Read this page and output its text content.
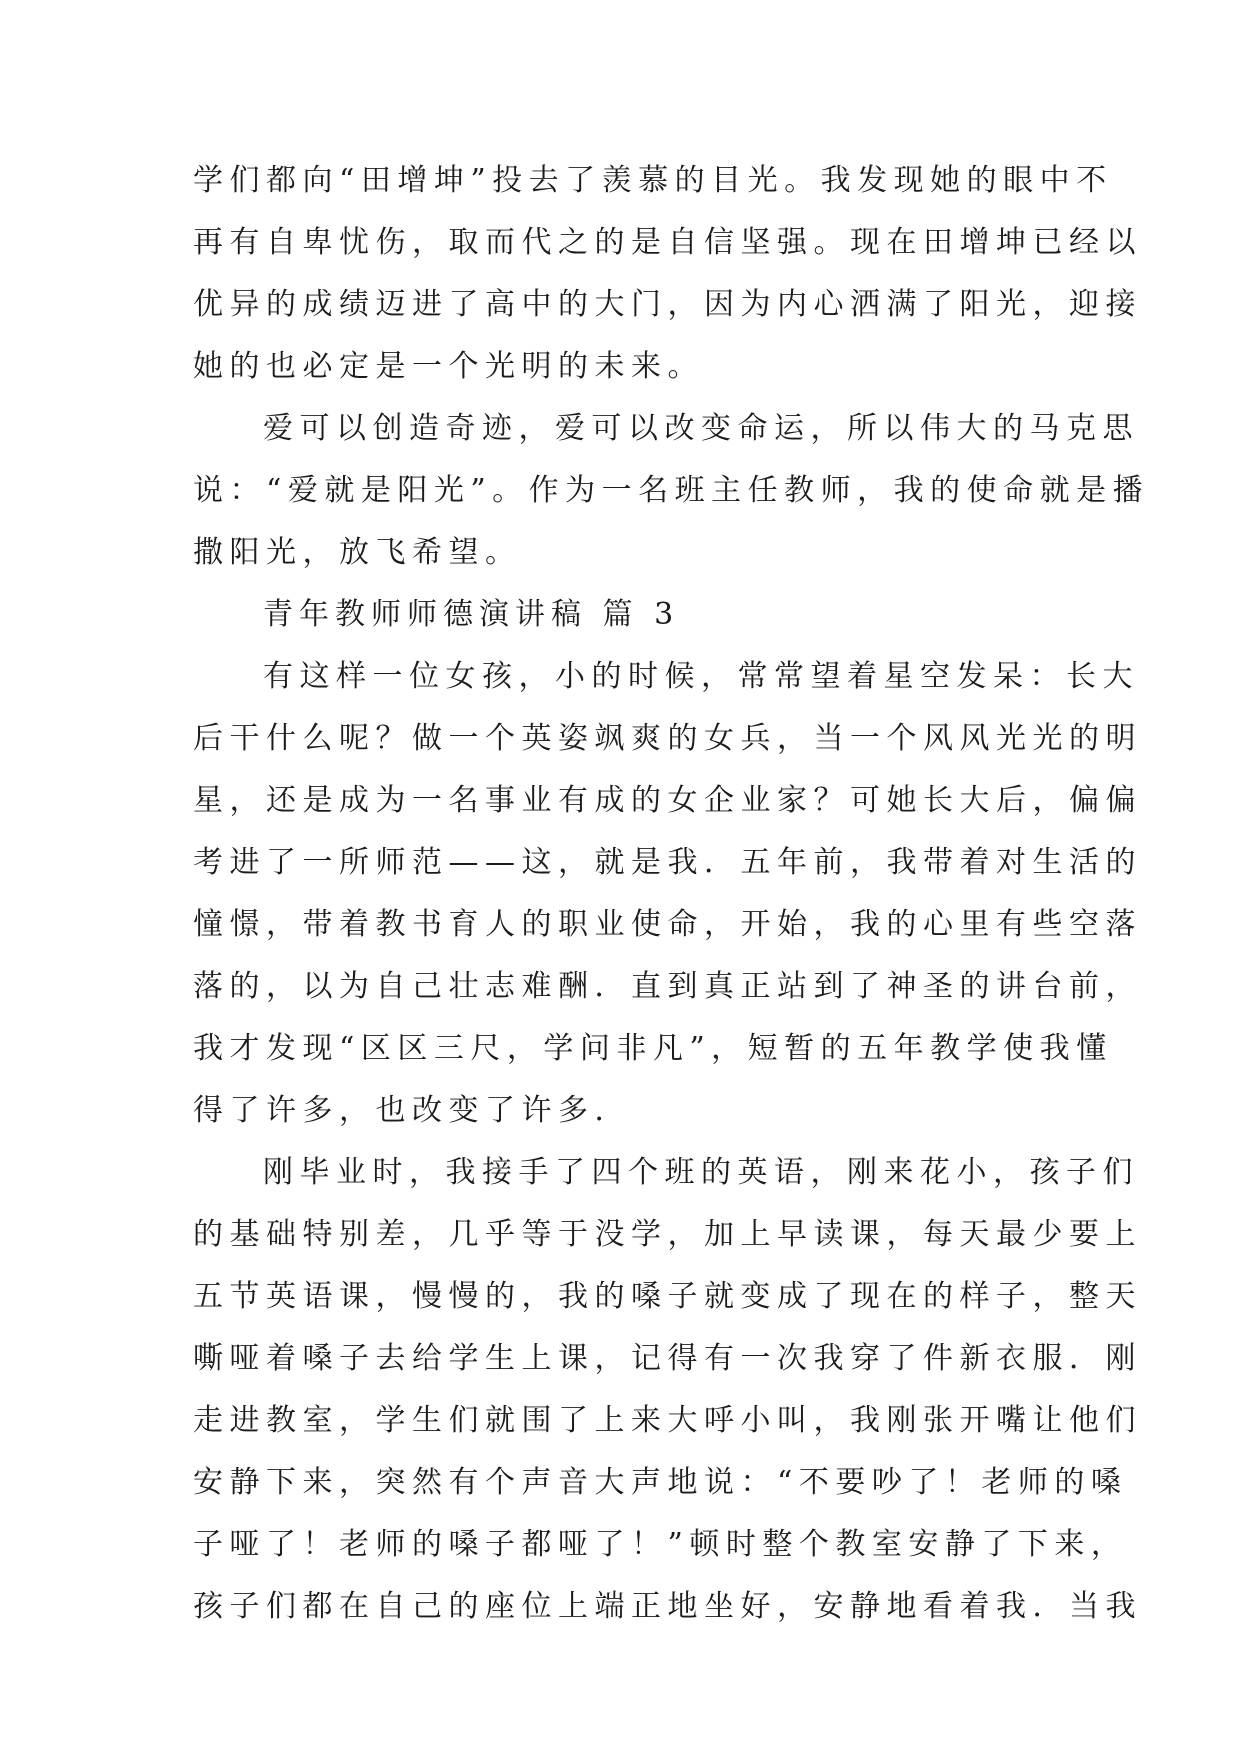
学们都向“田增坤”投去了羡慕的目光。我发现她的眼中不
再有自卑忧伤，取而代之的是自信坚强。现在田增坤已经以
优异的成绩迈进了高中的大门，因为内心洒满了阳光，迎接
她的也必定是一个光明的未来。
爱可以创造奇迹，爱可以改变命运，所以伟大的马克思
说：“爱就是阳光”。作为一名班主任教师，我的使命就是播
撒阳光，放飞希望。
青年教师师德演讲稿 篇 3
有这样一位女孩，小的时候，常常望着星空发呆：长大
后干什么呢？做一个英姿飒爽的女兵，当一个风风光光的明
星，还是成为一名事业有成的女企业家？可她长大后，偏偏
考进了一所师范——这，就是我．五年前，我带着对生活的
憧憬，带着教书育人的职业使命，开始，我的心里有些空落
落的，以为自己壮志难酬．直到真正站到了神圣的讲台前，
我才发现“区区三尺，学问非凡”，短暂的五年教学使我懂
得了许多，也改变了许多．
刚毕业时，我接手了四个班的英语，刚来花小，孩子们
的基础特别差，几乎等于没学，加上早读课，每天最少要上
五节英语课，慢慢的，我的嗓子就变成了现在的样子，整天
嘶哑着嗓子去给学生上课，记得有一次我穿了件新衣服．刚
走进教室，学生们就围了上来大呼小叫，我刚张开嘴让他们
安静下来，突然有个声音大声地说：“不要吵了！老师的嗓
子哑了！老师的嗓子都哑了！”顿时整个教室安静了下来，
孩子们都在自己的座位上端正地坐好，安静地看着我．当我
